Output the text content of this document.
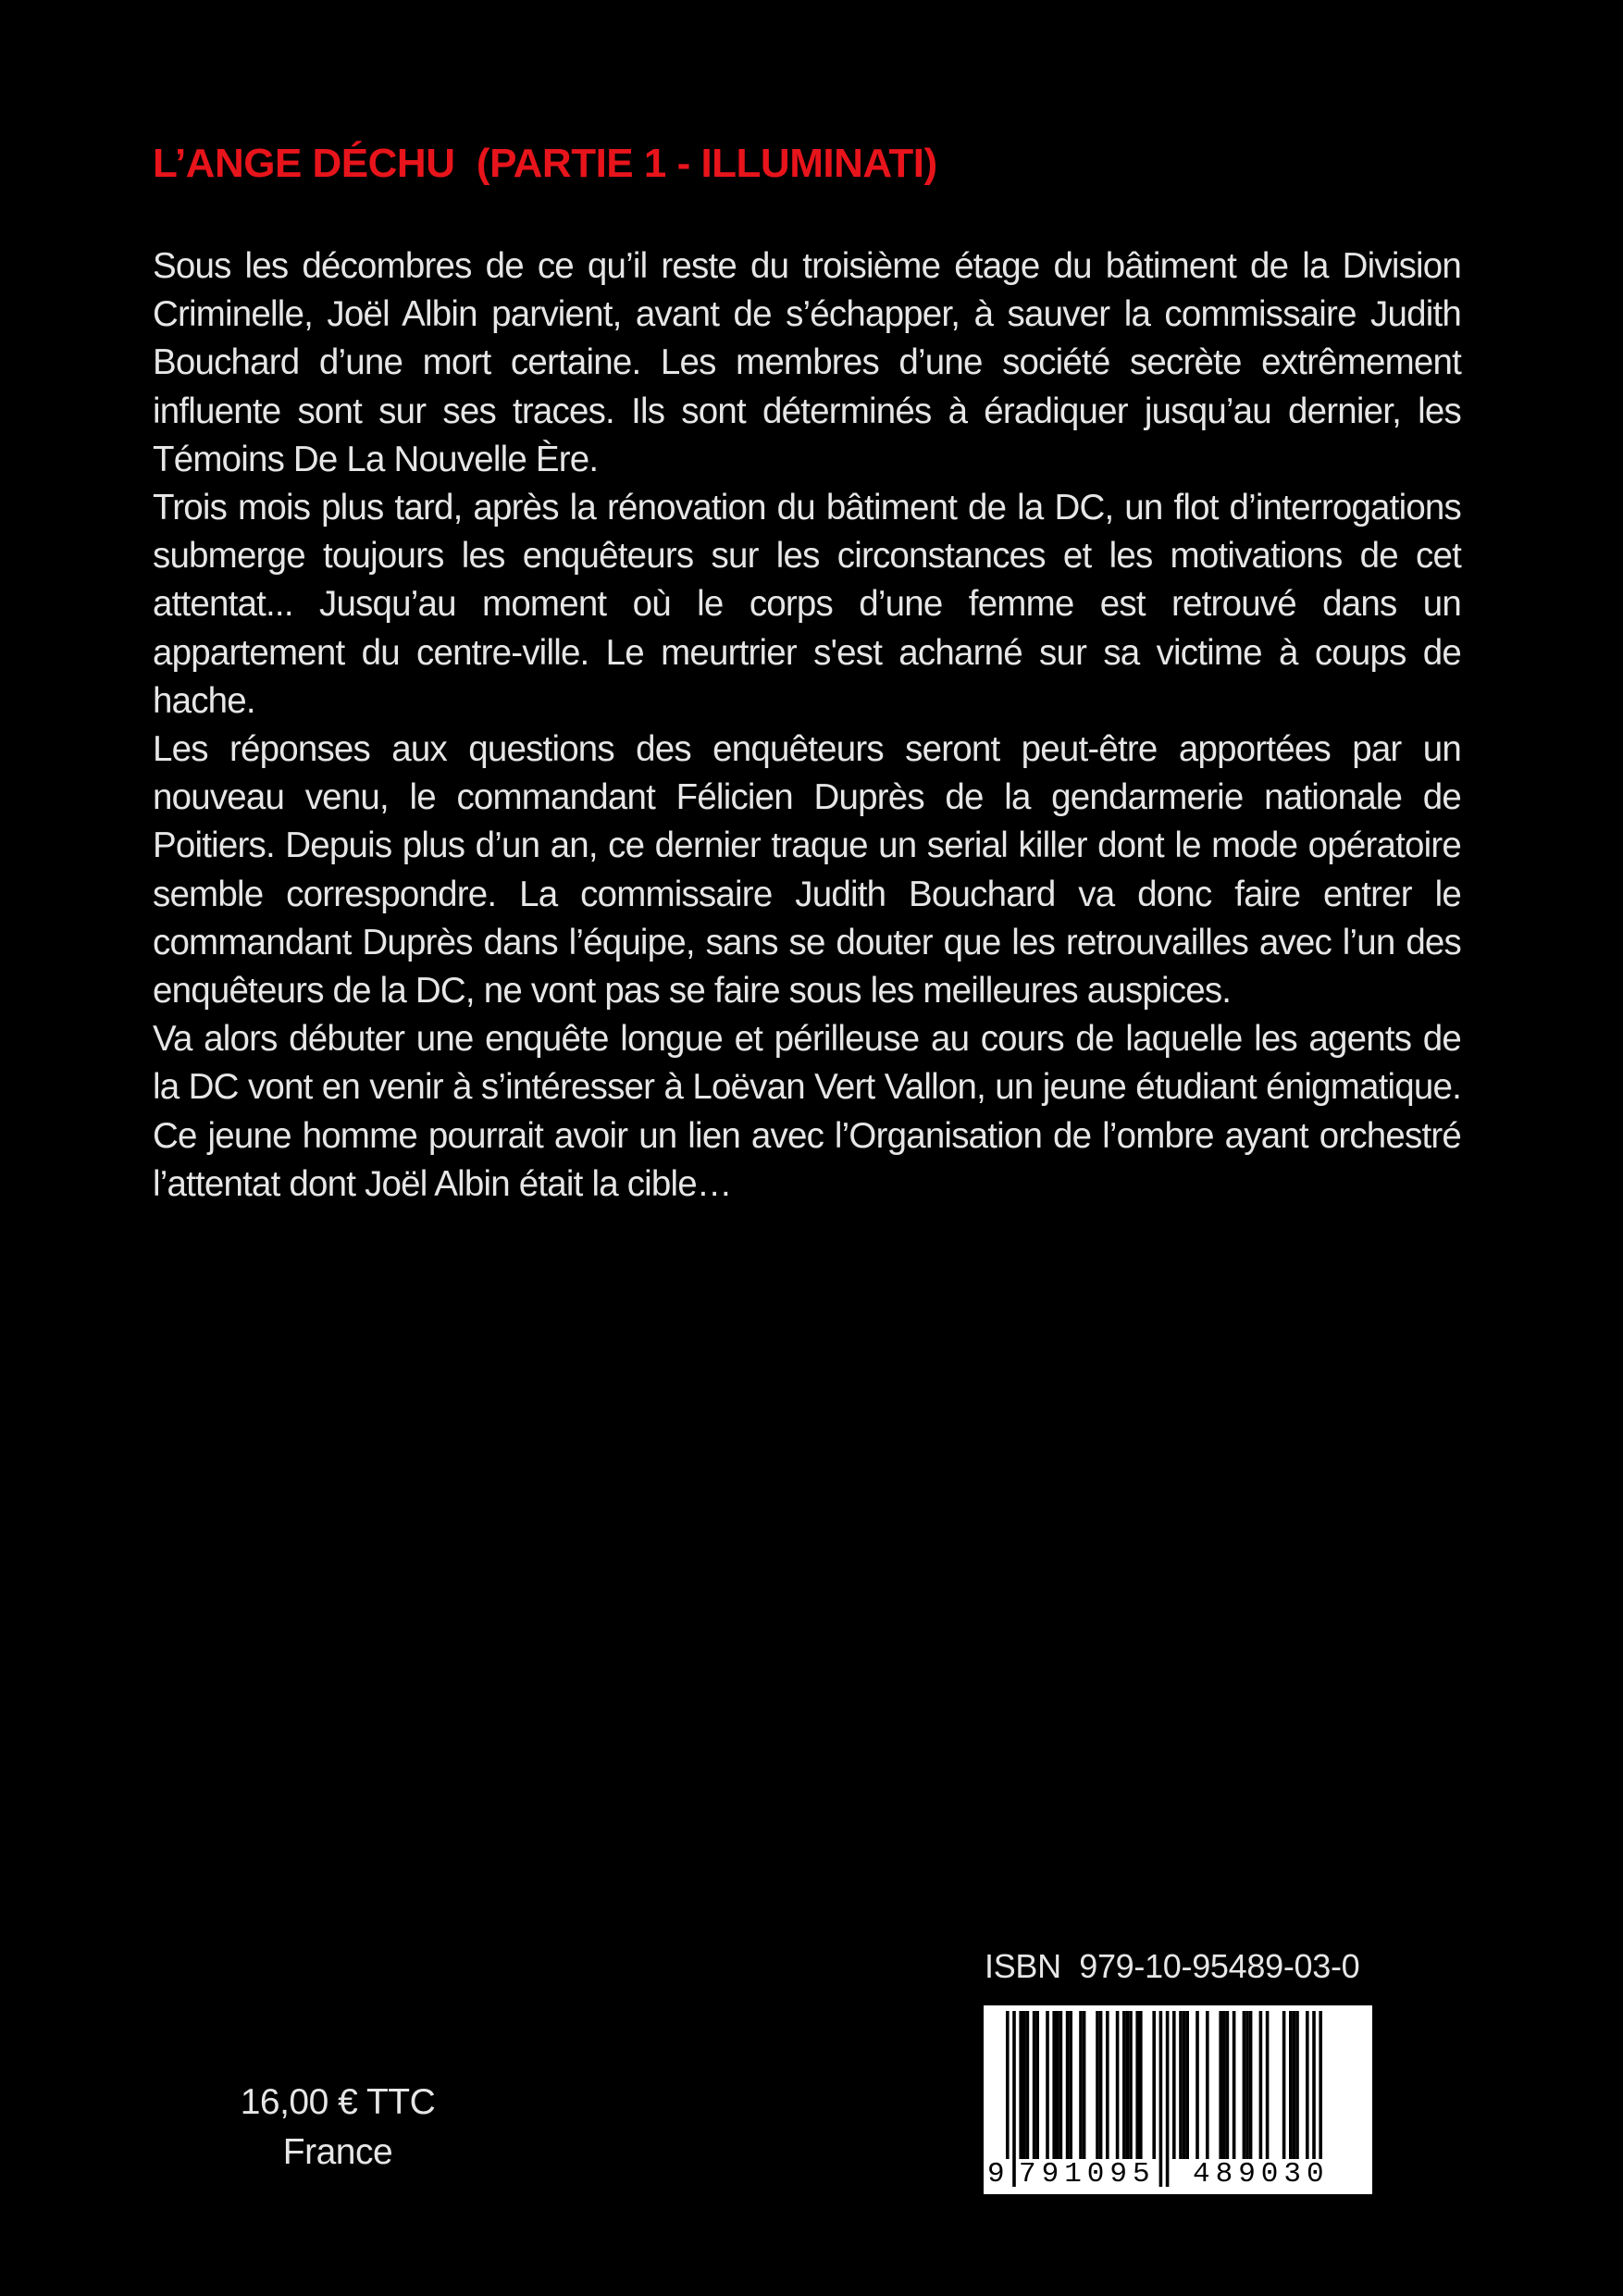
L’ANGE DÉCHU  (PARTIE 1 - ILLUMINATI)

Sous les décombres de ce qu’il reste du troisième étage du bâtiment de la Division Criminelle, Joël Albin parvient, avant de s’échapper, à sauver la commissaire Judith Bouchard d’une mort certaine. Les membres d’une société secrète extrêmement influente sont sur ses traces. Ils sont déterminés à éradiquer jusqu’au dernier, les Témoins De La Nouvelle Ère.

Trois mois plus tard, après la rénovation du bâtiment de la DC, un flot d’interrogations submerge toujours les enquêteurs sur les circonstances et les motivations de cet attentat... Jusqu’au moment où le corps d’une femme est retrouvé dans un appartement du centre-ville. Le meurtrier s'est acharné sur sa victime à coups de hache.

Les réponses aux questions des enquêteurs seront peut-être apportées par un nouveau venu, le commandant Félicien Duprès de la gendarmerie nationale de Poitiers. Depuis plus d’un an, ce dernier traque un serial killer dont le mode opératoire semble correspondre. La commissaire Judith Bouchard va donc faire entrer le commandant Duprès dans l’équipe, sans se douter que les retrouvailles avec l’un des enquêteurs de la DC, ne vont pas se faire sous les meilleures auspices.

Va alors débuter une enquête longue et périlleuse au cours de laquelle les agents de la DC vont en venir à s’intéresser à Loëvan Vert Vallon, un jeune étudiant énigmatique. Ce jeune homme pourrait avoir un lien avec l’Organisation de l’ombre ayant orchestré l’attentat dont Joël Albin était la cible…

16,00 € TTC
France
ISBN  979-10-95489-03-0
9 791095 489030
